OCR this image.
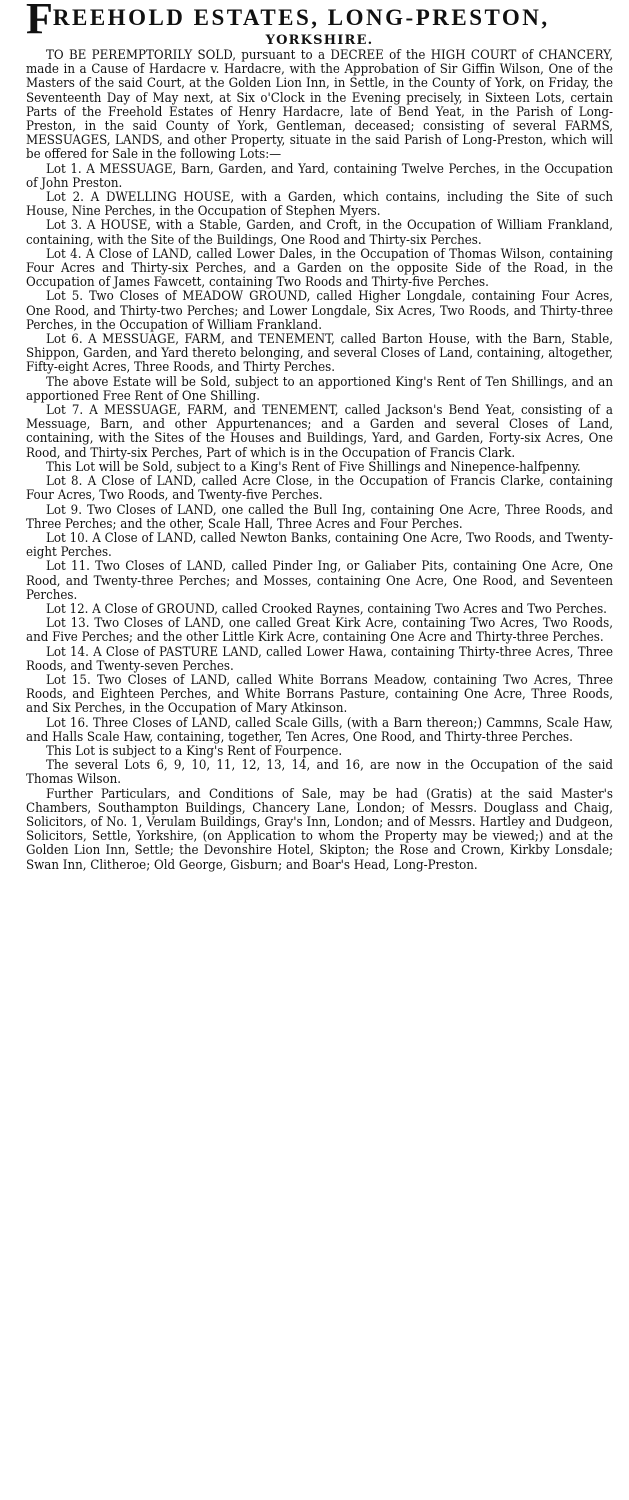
FREEHOLD ESTATES, LONG-PRESTON,
YORKSHIRE.

TO BE PEREMPTORILY SOLD, pursuant to a DECREE of the HIGH COURT of CHANCERY, made in a Cause of Hardacre v. Hardacre, with the Approbation of Sir Giffin Wilson, One of the Masters of the said Court, at the Golden Lion Inn, in Settle, in the County of York, on Friday, the Seventeenth Day of May next, at Six o'Clock in the Evening precisely, in Sixteen Lots, certain Parts of the Freehold Estates of Henry Hardacre, late of Bend Yeat, in the Parish of Long-Preston, in the said County of York, Gentleman, deceased; consisting of several FARMS, MESSUAGES, LANDS, and other Property, situate in the said Parish of Long-Preston, which will be offered for Sale in the following Lots:—

Lot 1. A MESSUAGE, Barn, Garden, and Yard, containing Twelve Perches, in the Occupation of John Preston.

Lot 2. A DWELLING HOUSE, with a Garden, which contains, including the Site of such House, Nine Perches, in the Occupation of Stephen Myers.

Lot 3. A HOUSE, with a Stable, Garden, and Croft, in the Occupation of William Frankland, containing, with the Site of the Buildings, One Rood and Thirty-six Perches.

Lot 4. A Close of LAND, called Lower Dales, in the Occupation of Thomas Wilson, containing Four Acres and Thirty-six Perches, and a Garden on the opposite Side of the Road, in the Occupation of James Fawcett, containing Two Roods and Thirty-five Perches.

Lot 5. Two Closes of MEADOW GROUND, called Higher Longdale, containing Four Acres, One Rood, and Thirty-two Perches; and Lower Longdale, Six Acres, Two Roods, and Thirty-three Perches, in the Occupation of William Frankland.

Lot 6. A MESSUAGE, FARM, and TENEMENT, called Barton House, with the Barn, Stable, Shippon, Garden, and Yard thereto belonging, and several Closes of Land, containing, altogether, Fifty-eight Acres, Three Roods, and Thirty Perches.

The above Estate will be Sold, subject to an apportioned King's Rent of Ten Shillings, and an apportioned Free Rent of One Shilling.

Lot 7. A MESSUAGE, FARM, and TENEMENT, called Jackson's Bend Yeat, consisting of a Messuage, Barn, and other Appurtenances; and a Garden and several Closes of Land, containing, with the Sites of the Houses and Buildings, Yard, and Garden, Forty-six Acres, One Rood, and Thirty-six Perches, Part of which is in the Occupation of Francis Clark.

This Lot will be Sold, subject to a King's Rent of Five Shillings and Ninepence-halfpenny.

Lot 8. A Close of LAND, called Acre Close, in the Occupation of Francis Clarke, containing Four Acres, Two Roods, and Twenty-five Perches.

Lot 9. Two Closes of LAND, one called the Bull Ing, containing One Acre, Three Roods, and Three Perches; and the other, Scale Hall, Three Acres and Four Perches.

Lot 10. A Close of LAND, called Newton Banks, containing One Acre, Two Roods, and Twenty-eight Perches.

Lot 11. Two Closes of LAND, called Pinder Ing, or Galiaber Pits, containing One Acre, One Rood, and Twenty-three Perches; and Mosses, containing One Acre, One Rood, and Seventeen Perches.

Lot 12. A Close of GROUND, called Crooked Raynes, containing Two Acres and Two Perches.

Lot 13. Two Closes of LAND, one called Great Kirk Acre, containing Two Acres, Two Roods, and Five Perches; and the other Little Kirk Acre, containing One Acre and Thirty-three Perches.

Lot 14. A Close of PASTURE LAND, called Lower Hawa, containing Thirty-three Acres, Three Roods, and Twenty-seven Perches.

Lot 15. Two Closes of LAND, called White Borrans Meadow, containing Two Acres, Three Roods, and Eighteen Perches, and White Borrans Pasture, containing One Acre, Three Roods, and Six Perches, in the Occupation of Mary Atkinson.

Lot 16. Three Closes of LAND, called Scale Gills, (with a Barn thereon;) Cammns, Scale Haw, and Halls Scale Haw, containing, together, Ten Acres, One Rood, and Thirty-three Perches.

This Lot is subject to a King's Rent of Fourpence.

The several Lots 6, 9, 10, 11, 12, 13, 14, and 16, are now in the Occupation of the said Thomas Wilson.

Further Particulars, and Conditions of Sale, may be had (Gratis) at the said Master's Chambers, Southampton Buildings, Chancery Lane, London; of Messrs. Douglass and Chaig, Solicitors, of No. 1, Verulam Buildings, Gray's Inn, London; and of Messrs. Hartley and Dudgeon, Solicitors, Settle, Yorkshire, (on Application to whom the Property may be viewed;) and at the Golden Lion Inn, Settle; the Devonshire Hotel, Skipton; the Rose and Crown, Kirkby Lonsdale; Swan Inn, Clitheroe; Old George, Gisburn; and Boar's Head, Long-Preston.
